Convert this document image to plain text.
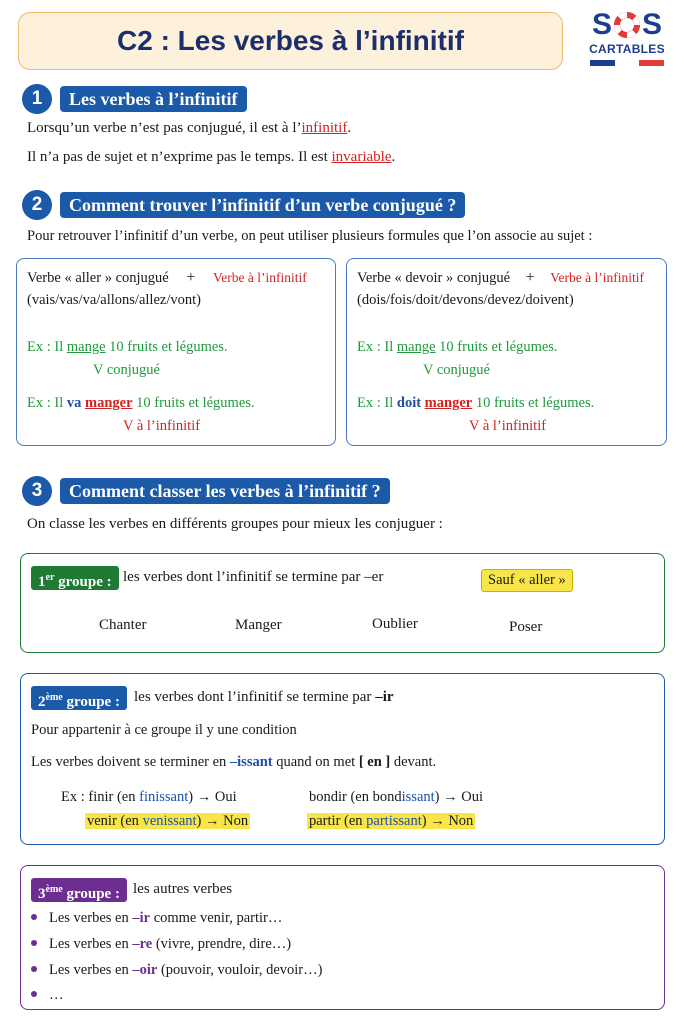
C2 : Les verbes à l’infinitif	S S
CARTABLES
1	Les verbes à l’infinitif
Lorsqu’un verbe n’est pas conjugué, il est à l’infinitif.
Il n’a pas de sujet et n’exprime pas le temps. Il est invariable.
2	Comment trouver l’infinitif d’un verbe conjugué ?
Pour retrouver l’infinitif d’un verbe, on peut utiliser plusieurs formules que l’on associe au sujet :
Verbe « aller » conjugué + Verbe à l’infinitif
(vais/vas/va/allons/allez/vont)
Ex : Il mange 10 fruits et légumes.
V conjugué
Ex : Il va manger 10 fruits et légumes.
V à l’infinitif
Verbe « devoir » conjugué + Verbe à l’infinitif
(dois/fois/doit/devons/devez/doivent)
Ex : Il mange 10 fruits et légumes.
V conjugué
Ex : Il doit manger 10 fruits et légumes.
V à l’infinitif
3	Comment classer les verbes à l’infinitif ?
On classe les verbes en différents groupes pour mieux les conjuguer :
1er groupe : les verbes dont l’infinitif se termine par –er	Sauf « aller »
Chanter	Manger	Oublier	Poser
2ème groupe : les verbes dont l’infinitif se termine par –ir
Pour appartenir à ce groupe il y une condition
Les verbes doivent se terminer en –issant quand on met [ en ] devant.
Ex : finir (en finissant) → Oui	bondir (en bondissant) → Oui
venir (en venissant) → Non	partir (en partissant) → Non
3ème groupe : les autres verbes
Les verbes en –ir comme venir, partir…
Les verbes en –re (vivre, prendre, dire…)
Les verbes en –oir (pouvoir, vouloir, devoir…)
…
